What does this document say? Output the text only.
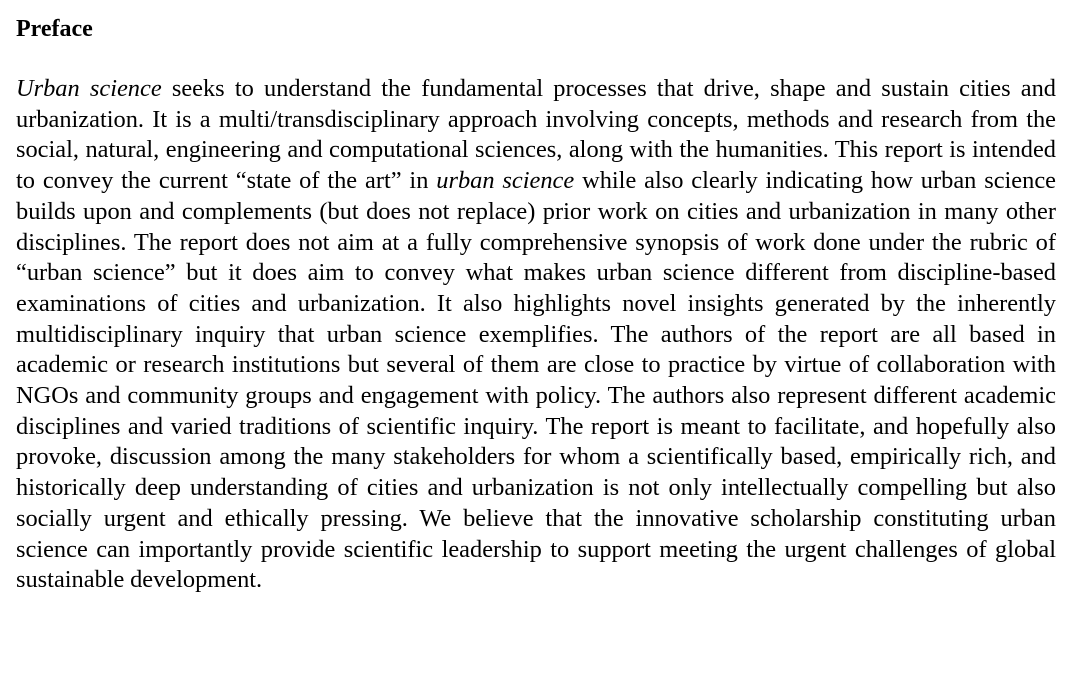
Preface

Urban science seeks to understand the fundamental processes that drive, shape and sustain cities and urbanization. It is a multi/transdisciplinary approach involving concepts, methods and research from the social, natural, engineering and computational sciences, along with the humanities. This report is intended to convey the current “state of the art” in urban science while also clearly indicating how urban science builds upon and complements (but does not replace) prior work on cities and urbanization in many other disciplines. The report does not aim at a fully comprehensive synopsis of work done under the rubric of “urban science” but it does aim to convey what makes urban science different from discipline-based examinations of cities and urbanization. It also highlights novel insights generated by the inherently multidisciplinary inquiry that urban science exemplifies. The authors of the report are all based in academic or research institutions but several of them are close to practice by virtue of collaboration with NGOs and community groups and engagement with policy. The authors also represent different academic disciplines and varied traditions of scientific inquiry. The report is meant to facilitate, and hopefully also provoke, discussion among the many stakeholders for whom a scientifically based, empirically rich, and historically deep understanding of cities and urbanization is not only intellectually compelling but also socially urgent and ethically pressing. We believe that the innovative scholarship constituting urban science can importantly provide scientific leadership to support meeting the urgent challenges of global sustainable development.
